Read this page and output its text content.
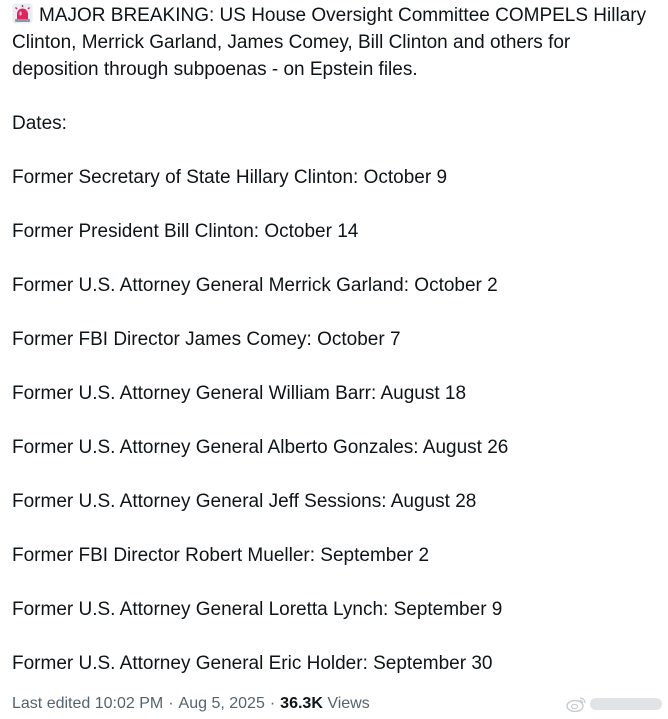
MAJOR BREAKING: US House Oversight Committee COMPELS Hillary Clinton, Merrick Garland, James Comey, Bill Clinton and others for deposition through subpoenas - on Epstein files.

Dates:

Former Secretary of State Hillary Clinton: October 9
Former President Bill Clinton: October 14
Former U.S. Attorney General Merrick Garland: October 2
Former FBI Director James Comey: October 7
Former U.S. Attorney General William Barr: August 18
Former U.S. Attorney General Alberto Gonzales: August 26
Former U.S. Attorney General Jeff Sessions: August 28
Former FBI Director Robert Mueller: September 2
Former U.S. Attorney General Loretta Lynch: September 9
Former U.S. Attorney General Eric Holder: September 30
Last edited 10:02 PM · Aug 5, 2025 · 36.3K Views
